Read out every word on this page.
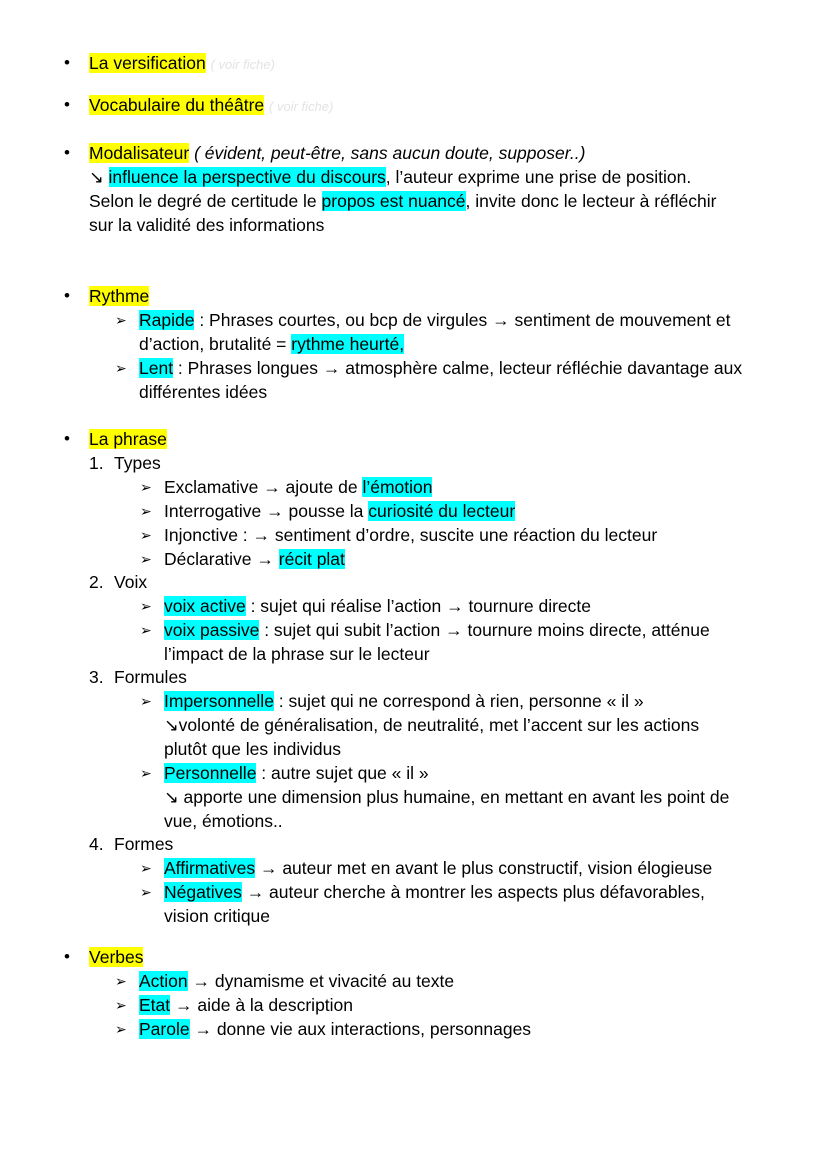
• La versification ( voir fiche)
• Vocabulaire du théâtre ( voir fiche)
• Modalisateur ( évident, peut-être, sans aucun doute, supposer..)
↘ influence la perspective du discours, l’auteur exprime une prise de position.
Selon le degré de certitude le propos est nuancé, invite donc le lecteur à réfléchir
sur la validité des informations
• Rythme
➢ Rapide : Phrases courtes, ou bcp de virgules → sentiment de mouvement et
d’action, brutalité = rythme heurté,
➢ Lent : Phrases longues → atmosphère calme, lecteur réfléchie davantage aux
différentes idées
• La phrase
1. Types
➢ Exclamative → ajoute de l’émotion
➢ Interrogative → pousse la curiosité du lecteur
➢ Injonctive : → sentiment d’ordre, suscite une réaction du lecteur
➢ Déclarative → récit plat
2. Voix
➢ voix active : sujet qui réalise l’action → tournure directe
➢ voix passive : sujet qui subit l’action → tournure moins directe, atténue
l’impact de la phrase sur le lecteur
3. Formules
➢ Impersonnelle : sujet qui ne correspond à rien, personne « il »
↘volonté de généralisation, de neutralité, met l’accent sur les actions
plutôt que les individus
➢ Personnelle : autre sujet que « il »
↘ apporte une dimension plus humaine, en mettant en avant les point de
vue, émotions..
4. Formes
➢ Affirmatives → auteur met en avant le plus constructif, vision élogieuse
➢ Négatives → auteur cherche à montrer les aspects plus défavorables,
vision critique
• Verbes
➢ Action → dynamisme et vivacité au texte
➢ Etat → aide à la description
➢ Parole → donne vie aux interactions, personnages
